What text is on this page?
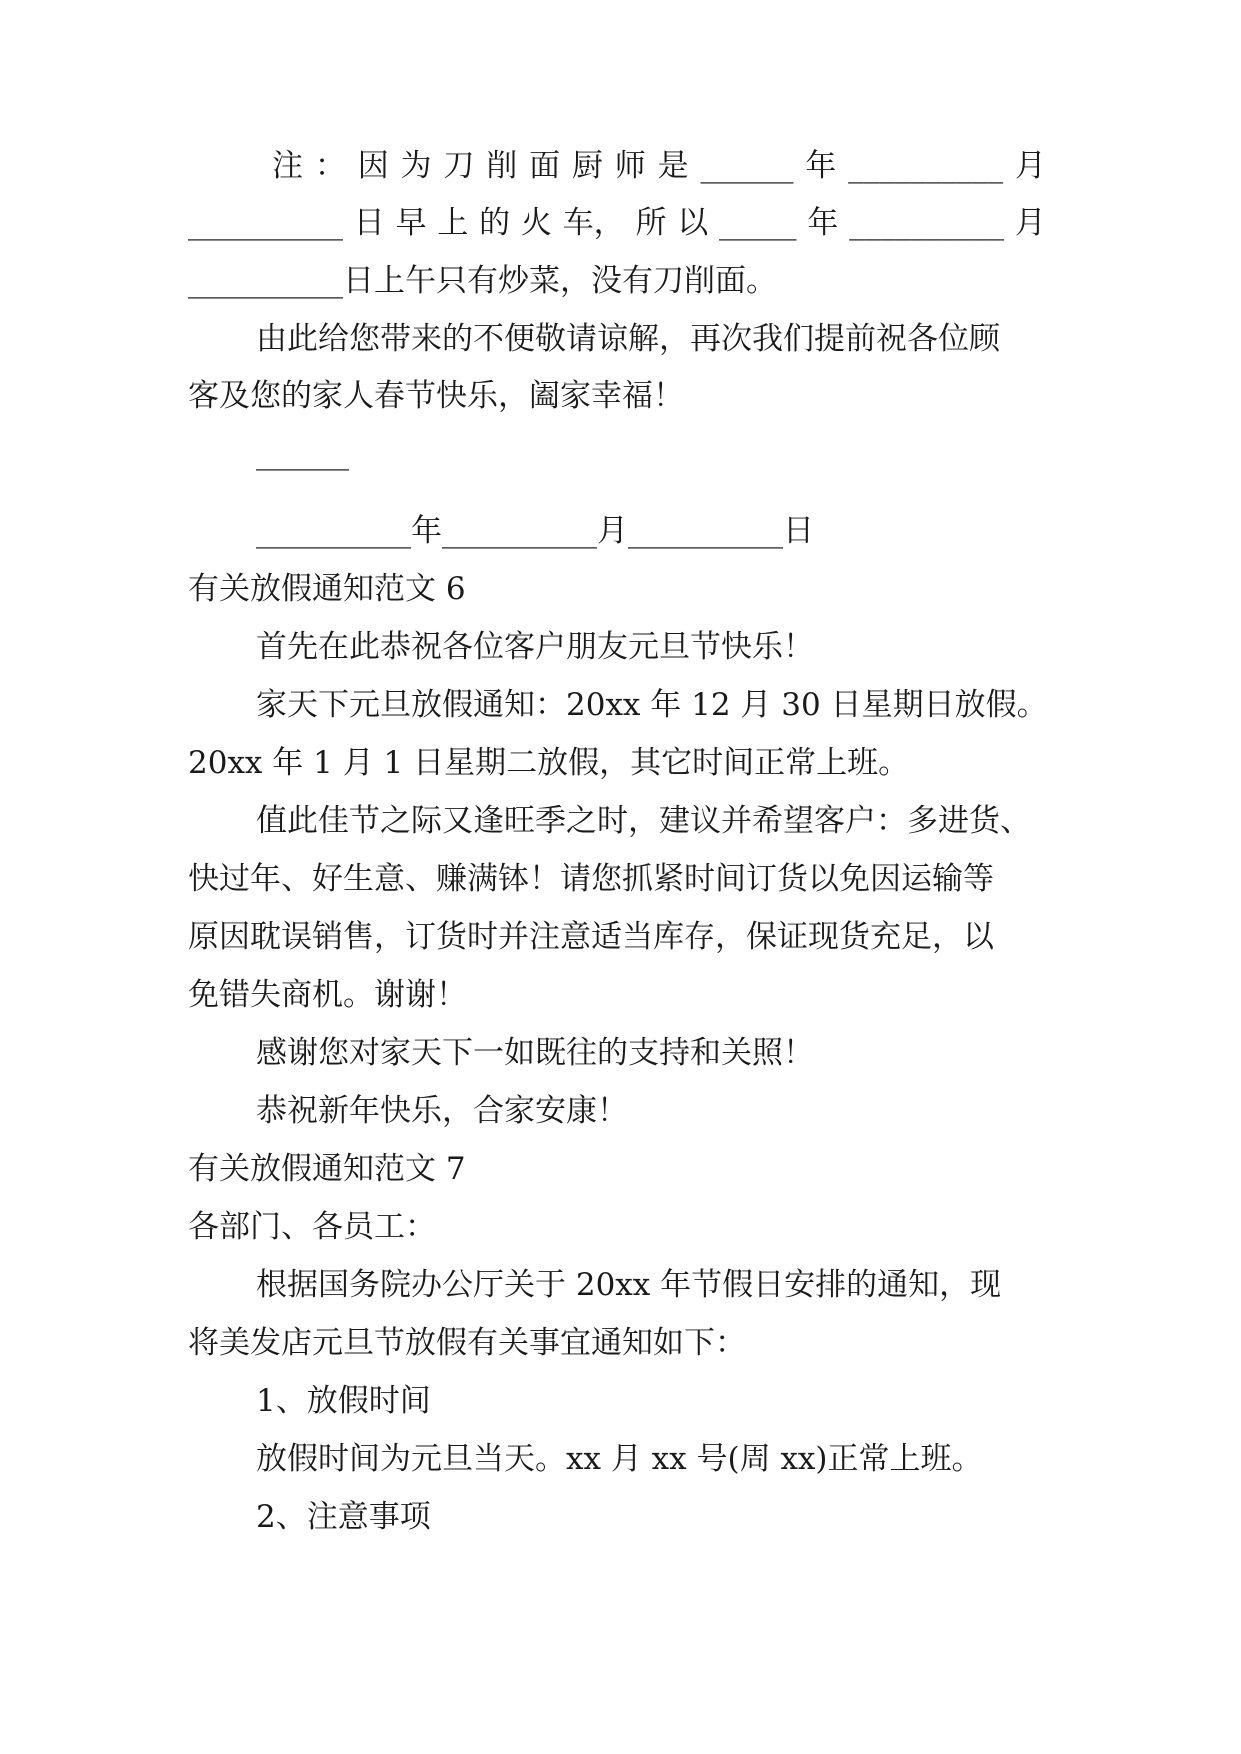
注 ： 因 为 刀 削 面 厨 师 是 ______ 年 __________ 月
__________ 日 早 上 的 火 车， 所 以 _____ 年 __________ 月
__________日上午只有炒菜，没有刀削面。
由此给您带来的不便敬请谅解，再次我们提前祝各位顾
客及您的家人春节快乐，阖家幸福！
______
__________年__________月__________日
有关放假通知范文 6
首先在此恭祝各位客户朋友元旦节快乐！
家天下元旦放假通知：20xx 年 12 月 30 日星期日放假。
20xx 年 1 月 1 日星期二放假，其它时间正常上班。
值此佳节之际又逢旺季之时，建议并希望客户：多进货、
快过年、好生意、赚满钵！请您抓紧时间订货以免因运输等
原因耽误销售，订货时并注意适当库存，保证现货充足，以
免错失商机。谢谢！
感谢您对家天下一如既往的支持和关照！
恭祝新年快乐，合家安康！
有关放假通知范文 7
各部门、各员工：
根据国务院办公厅关于 20xx 年节假日安排的通知，现
将美发店元旦节放假有关事宜通知如下：
1、放假时间
放假时间为元旦当天。xx 月 xx 号(周 xx)正常上班。
2、注意事项
